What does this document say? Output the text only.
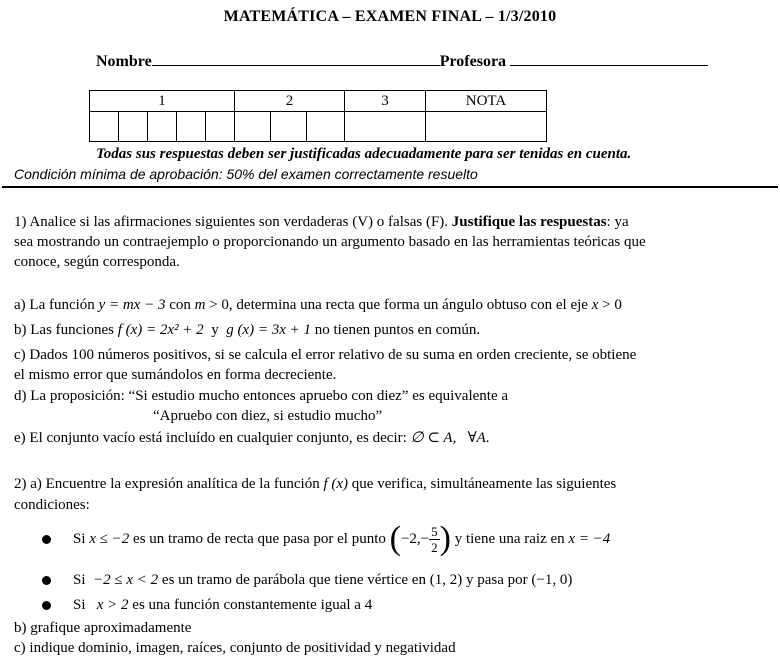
MATEMÁTICA – EXAMEN FINAL – 1/3/2010
Nombre	Profesora
1					2			3	NOTA

Todas sus respuestas deben ser justificadas adecuadamente para ser tenidas en cuenta.
Condición mínima de aprobación: 50% del examen correctamente resuelto
1) Analice si las afirmaciones siguientes son verdaderas (V) o falsas (F). Justifique las respuestas: ya
sea mostrando un contraejemplo o proporcionando un argumento basado en las herramientas teóricas que
conoce, según corresponda.
a) La función y = mx − 3 con m > 0, determina una recta que forma un ángulo obtuso con el eje x > 0
b) Las funciones f (x) = 2x² + 2  y  g (x) = 3x + 1 no tienen puntos en común.
c) Dados 100 números positivos, si se calcula el error relativo de su suma en orden creciente, se obtiene
el mismo error que sumándolos en forma decreciente.
d) La proposición: “Si estudio mucho entonces apruebo con diez” es equivalente a
“Apruebo con diez, si estudio mucho”
e) El conjunto vacío está incluído en cualquier conjunto, es decir: ∅ ⊂ A,   ∀A.
2) a) Encuentre la expresión analítica de la función f (x) que verifica, simultáneamente las siguientes
condiciones:
Si
x ≤ −2 es un tramo de recta que pasa por el punto ( −2, − $\frac{5}{2}$ ) y tiene una raiz en x = −4
Si
−2 ≤ x < 2 es un tramo de parábola que tiene vértice en (1, 2) y pasa por (−1, 0)
Si
x > 2 es una función constantemente igual a 4
b) grafique aproximadamente
c) indique dominio, imagen, raíces, conjunto de positividad y negatividad
